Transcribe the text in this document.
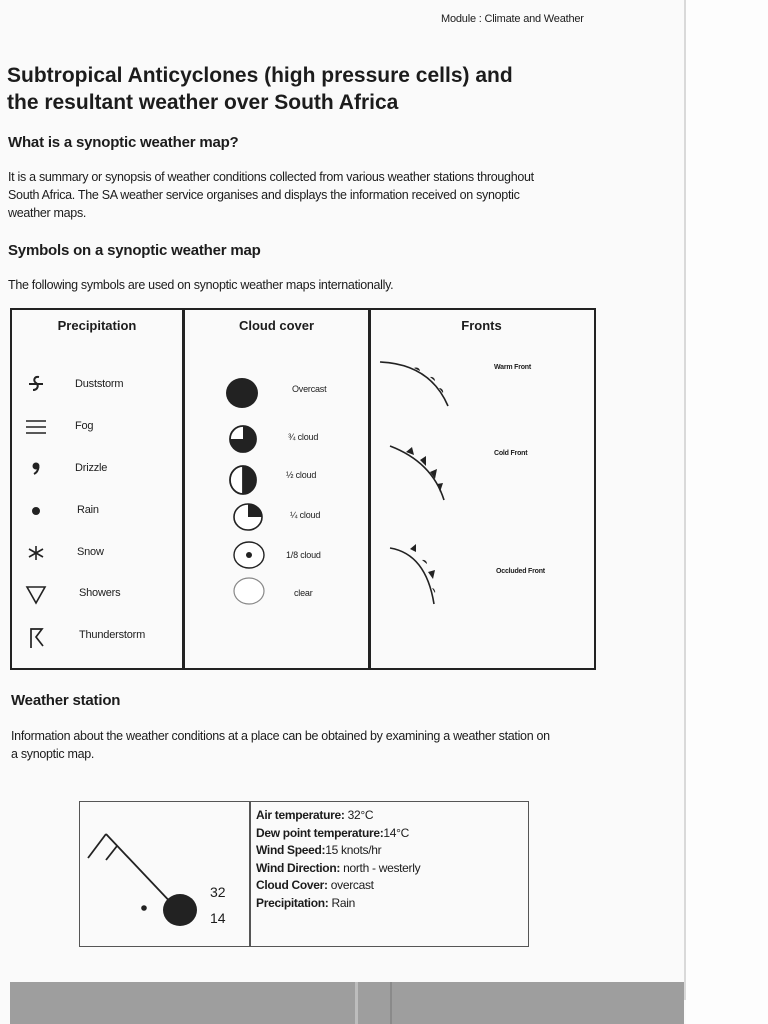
Module : Climate and Weather
Subtropical Anticyclones (high pressure cells) and
the resultant weather over South Africa
What is a synoptic weather map?

It is a summary or synopsis of weather conditions collected from various weather stations throughout
South Africa. The SA weather service organises and displays the information received on synoptic
weather maps.

Symbols on a synoptic weather map

The following symbols are used on synoptic weather maps internationally.

Precipitation	Cloud cover	Fronts
Duststorm
Fog
Drizzle
Rain
Snow
Showers
Thunderstorm
Overcast
¾ cloud
½ cloud
¼ cloud
1/8 cloud
clear
Warm Front
Cold Front
Occluded Front
Weather station

Information about the weather conditions at a place can be obtained by examining a weather station on
a synoptic map.

32
14
Air temperature: 32°C
Dew point temperature:14°C
Wind Speed:15 knots/hr
Wind Direction: north - westerly
Cloud Cover: overcast
Precipitation: Rain
